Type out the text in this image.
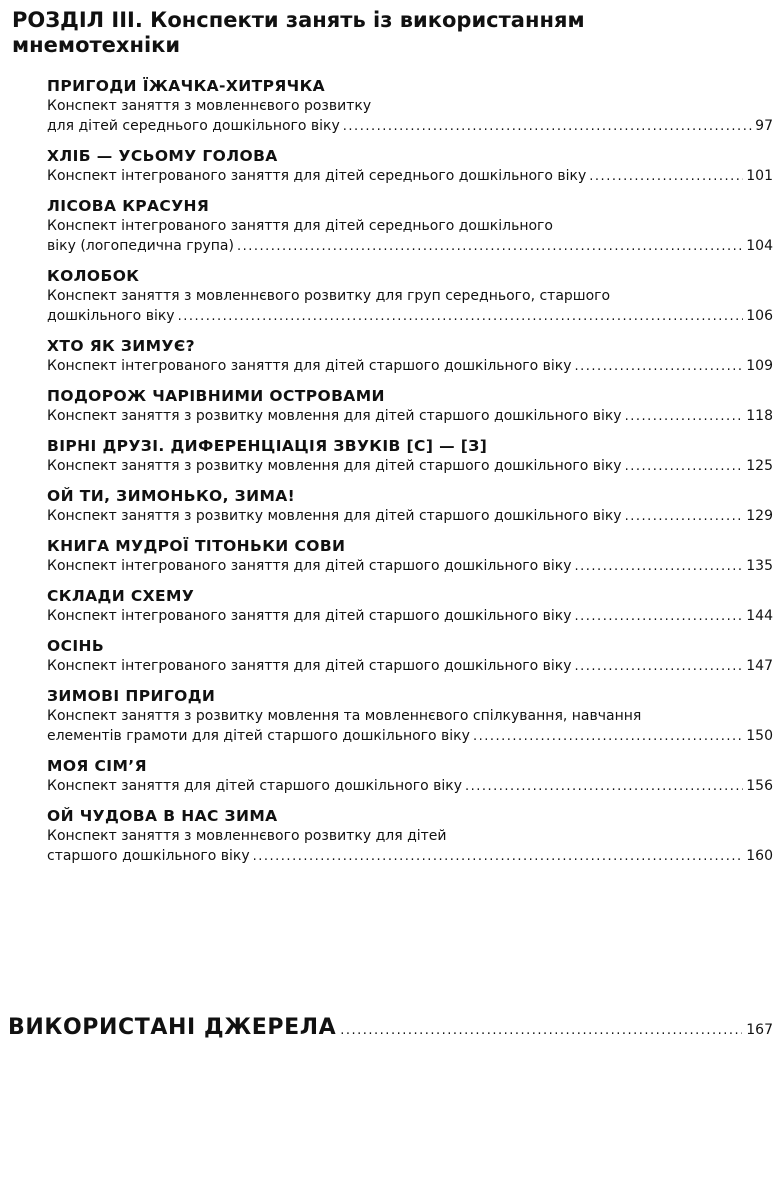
РОЗДІЛ ІІІ. Конспекти занять із використанням мнемотехніки
ПРИГОДИ ЇЖАЧКА-ХИТРЯЧКА
Конспект заняття з мовленнєвого розвитку
для дітей середнього дошкільного віку .....	97
ХЛІБ — УСЬОМУ ГОЛОВА
Конспект інтегрованого заняття для дітей середнього дошкільного віку .....	101
ЛІСОВА КРАСУНЯ
Конспект інтегрованого заняття для дітей середнього дошкільного
віку (логопедична група) .....	104
КОЛОБОК
Конспект заняття з мовленнєвого розвитку для груп середнього, старшого
дошкільного віку .....	106
ХТО ЯК ЗИМУЄ?
Конспект інтегрованого заняття для дітей старшого дошкільного віку .....	109
ПОДОРОЖ ЧАРІВНИМИ ОСТРОВАМИ
Конспект заняття з розвитку мовлення для дітей старшого дошкільного віку .....	118
ВІРНІ ДРУЗІ. ДИФЕРЕНЦІАЦІЯ ЗВУКІВ [С] — [З]
Конспект заняття з розвитку мовлення для дітей старшого дошкільного віку .....	125
ОЙ ТИ, ЗИМОНЬКО, ЗИМА!
Конспект заняття з розвитку мовлення для дітей старшого дошкільного віку .....	129
КНИГА МУДРОЇ ТІТОНЬКИ СОВИ
Конспект інтегрованого заняття для дітей старшого дошкільного віку .....	135
СКЛАДИ СХЕМУ
Конспект інтегрованого заняття для дітей старшого дошкільного віку .....	144
ОСІНЬ
Конспект інтегрованого заняття для дітей старшого дошкільного віку .....	147
ЗИМОВІ ПРИГОДИ
Конспект заняття з розвитку мовлення та мовленнєвого спілкування, навчання
елементів грамоти для дітей старшого дошкільного віку .....	150
МОЯ СІМ’Я
Конспект заняття для дітей старшого дошкільного віку .....	156
ОЙ ЧУДОВА В НАС ЗИМА
Конспект заняття з мовленнєвого розвитку для дітей
старшого дошкільного віку .....	160
ВИКОРИСТАНІ ДЖЕРЕЛА .....	167
